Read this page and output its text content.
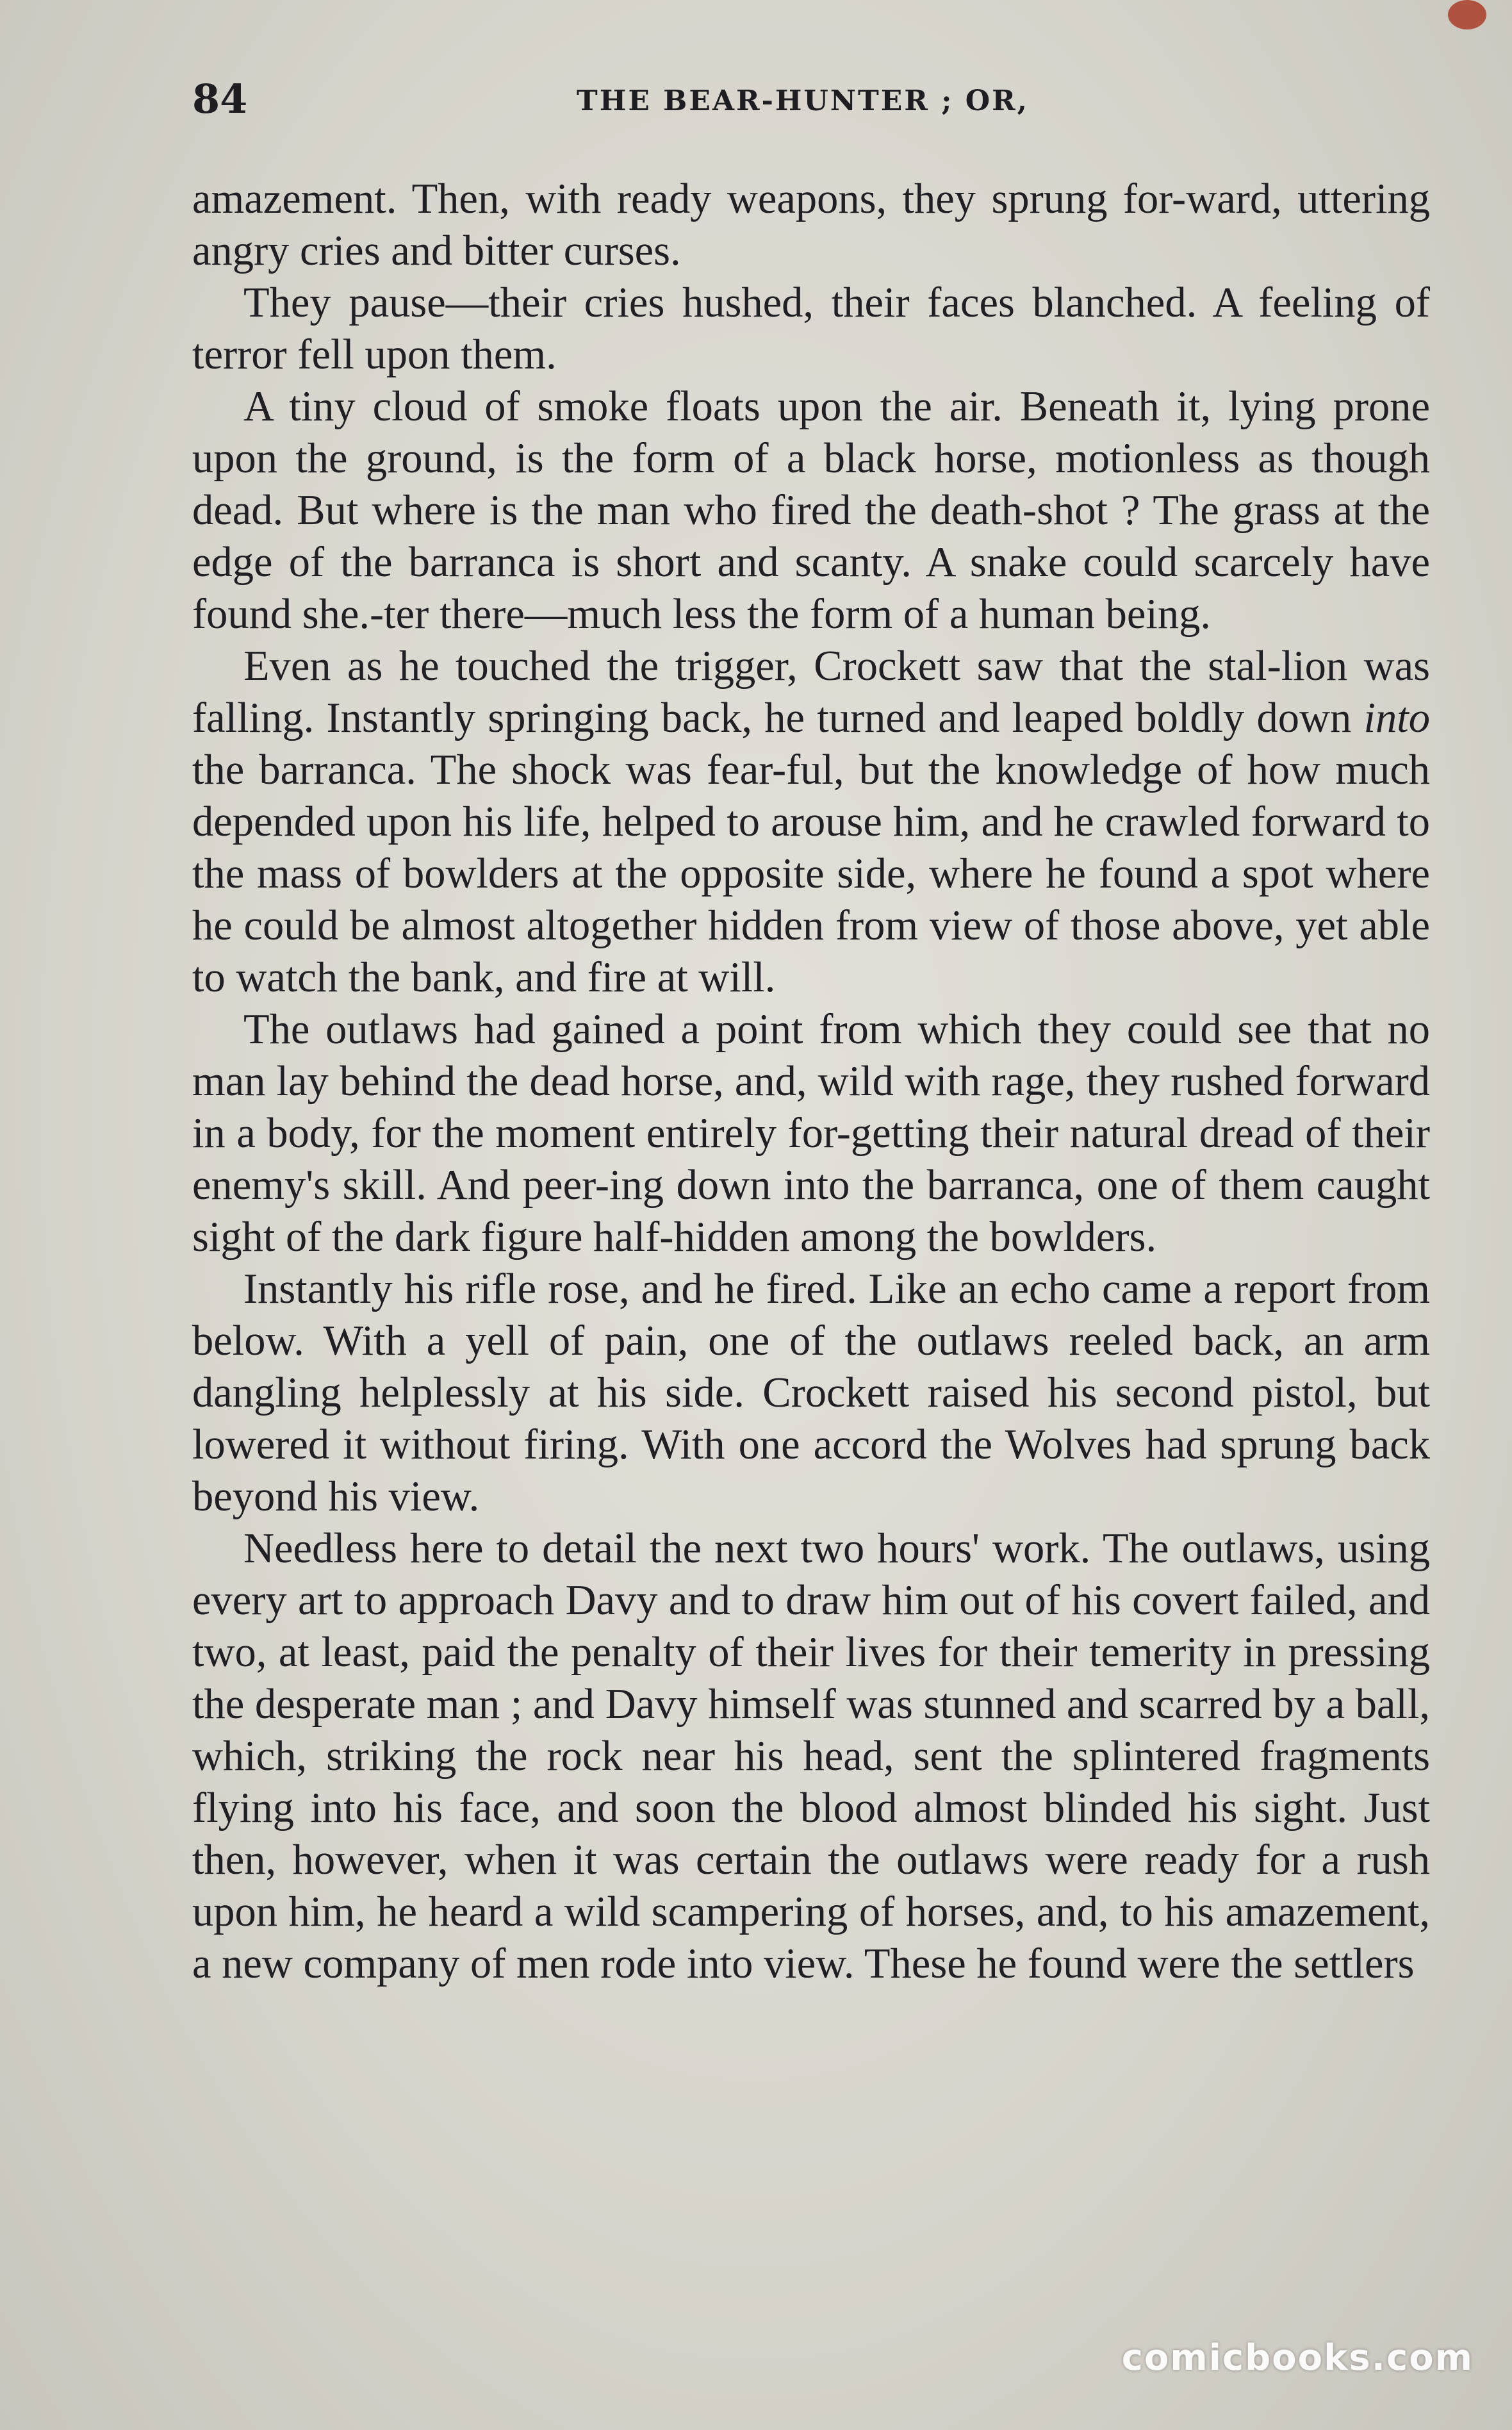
84	THE BEAR-HUNTER ; OR,

amazement. Then, with ready weapons, they sprung for-ward, uttering angry cries and bitter curses.

They pause—their cries hushed, their faces blanched. A feeling of terror fell upon them.

A tiny cloud of smoke floats upon the air. Beneath it, lying prone upon the ground, is the form of a black horse, motionless as though dead. But where is the man who fired the death-shot ? The grass at the edge of the barranca is short and scanty. A snake could scarcely have found she.-ter there—much less the form of a human being.

Even as he touched the trigger, Crockett saw that the stal-lion was falling. Instantly springing back, he turned and leaped boldly down into the barranca. The shock was fear-ful, but the knowledge of how much depended upon his life, helped to arouse him, and he crawled forward to the mass of bowlders at the opposite side, where he found a spot where he could be almost altogether hidden from view of those above, yet able to watch the bank, and fire at will.

The outlaws had gained a point from which they could see that no man lay behind the dead horse, and, wild with rage, they rushed forward in a body, for the moment entirely for-getting their natural dread of their enemy's skill. And peer-ing down into the barranca, one of them caught sight of the dark figure half-hidden among the bowlders.

Instantly his rifle rose, and he fired. Like an echo came a report from below. With a yell of pain, one of the outlaws reeled back, an arm dangling helplessly at his side. Crockett raised his second pistol, but lowered it without firing. With one accord the Wolves had sprung back beyond his view.

Needless here to detail the next two hours' work. The outlaws, using every art to approach Davy and to draw him out of his covert failed, and two, at least, paid the penalty of their lives for their temerity in pressing the desperate man ; and Davy himself was stunned and scarred by a ball, which, striking the rock near his head, sent the splintered fragments flying into his face, and soon the blood almost blinded his sight. Just then, however, when it was certain the outlaws were ready for a rush upon him, he heard a wild scampering of horses, and, to his amazement, a new company of men rode into view. These he found were the settlers

comicbooks.com
